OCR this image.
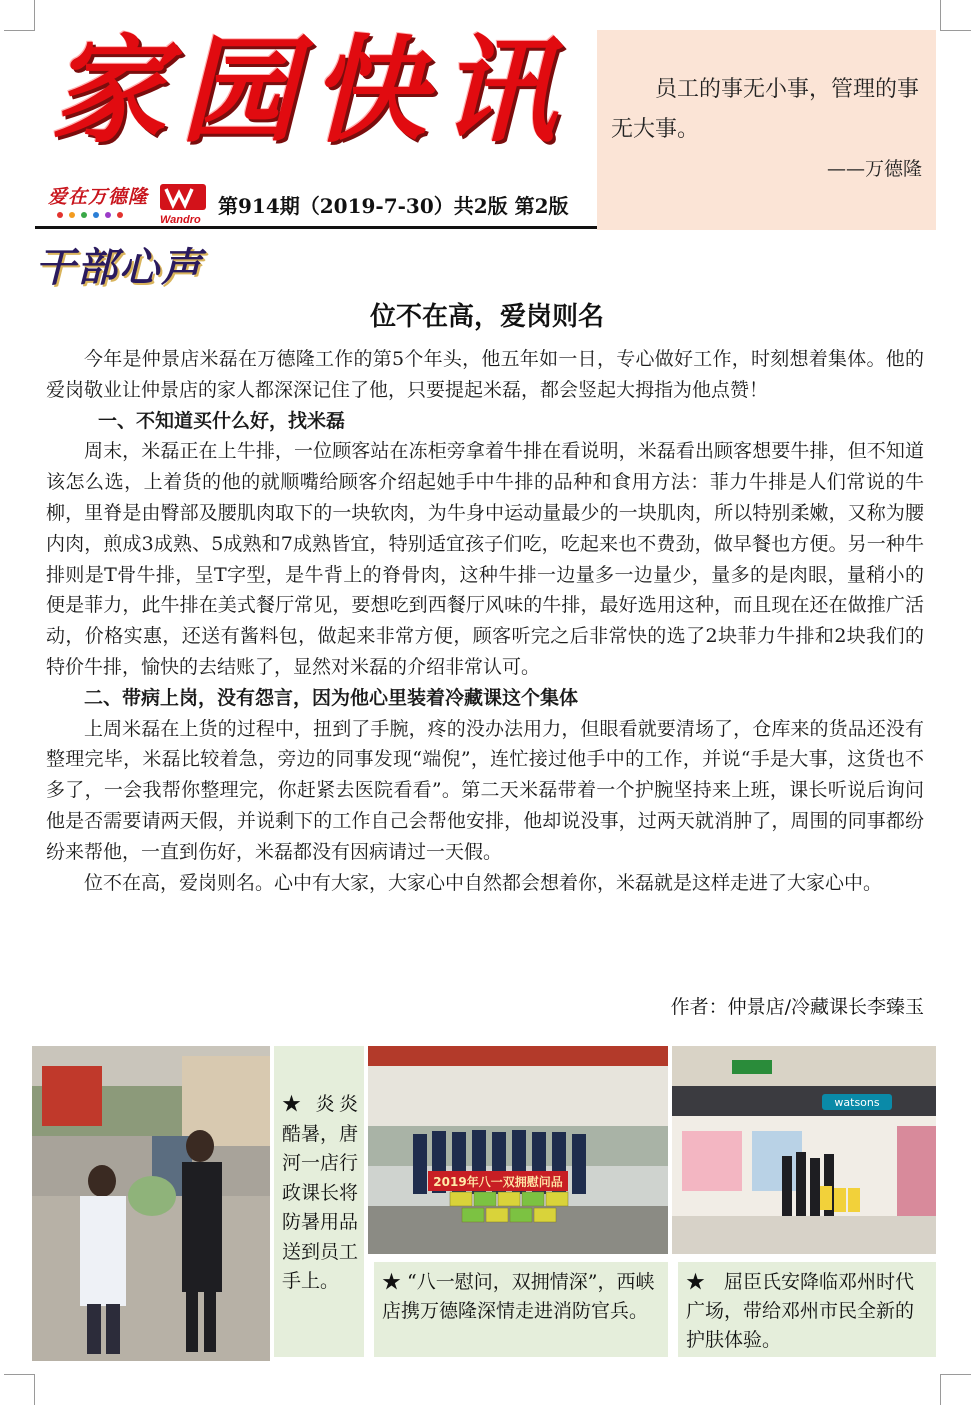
家园快讯
爱在万德隆
Wandro
第914期（2019-7-30）共2版 第2版
员工的事无小事，管理的事无大事。
——万德隆
干部心声
位不在高，爱岗则名

今年是仲景店米磊在万德隆工作的第5个年头，他五年如一日，专心做好工作，时刻想着集体。他的爱岗敬业让仲景店的家人都深深记住了他，只要提起米磊，都会竖起大拇指为他点赞！

一、不知道买什么好，找米磊

周末，米磊正在上牛排，一位顾客站在冻柜旁拿着牛排在看说明，米磊看出顾客想要牛排，但不知道该怎么选，上着货的他的就顺嘴给顾客介绍起她手中牛排的品种和食用方法：菲力牛排是人们常说的牛柳，里脊是由臀部及腰肌肉取下的一块软肉，为牛身中运动量最少的一块肌肉，所以特别柔嫩，又称为腰内肉，煎成3成熟、5成熟和7成熟皆宜，特别适宜孩子们吃，吃起来也不费劲，做早餐也方便。另一种牛排则是T骨牛排，呈T字型，是牛背上的脊骨肉，这种牛排一边量多一边量少，量多的是肉眼，量稍小的便是菲力，此牛排在美式餐厅常见，要想吃到西餐厅风味的牛排，最好选用这种，而且现在还在做推广活动，价格实惠，还送有酱料包，做起来非常方便，顾客听完之后非常快的选了2块菲力牛排和2块我们的特价牛排，愉快的去结账了，显然对米磊的介绍非常认可。

二、带病上岗，没有怨言，因为他心里装着冷藏课这个集体

上周米磊在上货的过程中，扭到了手腕，疼的没办法用力，但眼看就要清场了，仓库来的货品还没有整理完毕，米磊比较着急，旁边的同事发现“端倪”，连忙接过他手中的工作，并说“手是大事，这货也不多了，一会我帮你整理完，你赶紧去医院看看”。第二天米磊带着一个护腕坚持来上班，课长听说后询问他是否需要请两天假，并说剩下的工作自己会帮他安排，他却说没事，过两天就消肿了，周围的同事都纷纷来帮他，一直到伤好，米磊都没有因病请过一天假。

位不在高，爱岗则名。心中有大家，大家心中自然都会想着你，米磊就是这样走进了大家心中。

作者：仲景店/冷藏课长李臻玉
★ 炎炎酷暑，唐河一店行政课长将防暑用品送到员工手上。
2019年八一双拥慰问品
★ “八一慰问，双拥情深”，西峡店携万德隆深情走进消防官兵。
watsons
★　屈臣氏安降临邓州时代广场，带给邓州市民全新的护肤体验。
